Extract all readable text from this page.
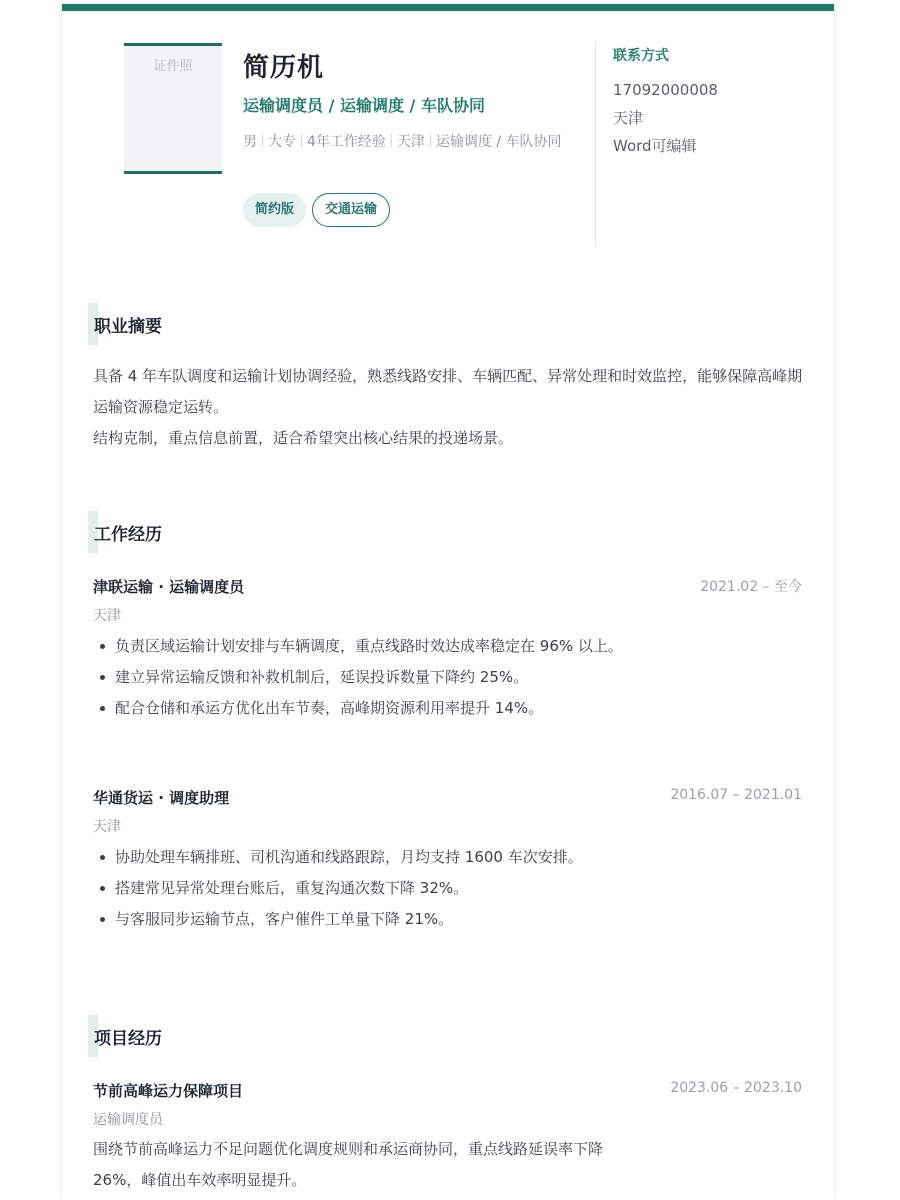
证件照	简历机
运输调度员 / 运输调度 / 车队协同
男 大专 4年工作经验 天津 运输调度 / 车队协同
简约版	交通运输
联系方式
17092000008
天津
Word可编辑
职业摘要
具备 4 年车队调度和运输计划协调经验，熟悉线路安排、车辆匹配、异常处理和时效监控，能够保障高峰期运输资源稳定运转。
结构克制，重点信息前置，适合希望突出核心结果的投递场景。
工作经历
津联运输 · 运输调度员	2021.02 – 至今
天津
负责区域运输计划安排与车辆调度，重点线路时效达成率稳定在 96% 以上。
建立异常运输反馈和补救机制后，延误投诉数量下降约 25%。
配合仓储和承运方优化出车节奏，高峰期资源利用率提升 14%。
华通货运 · 调度助理	2016.07 – 2021.01
天津
协助处理车辆排班、司机沟通和线路跟踪，月均支持 1600 车次安排。
搭建常见异常处理台账后，重复沟通次数下降 32%。
与客服同步运输节点，客户催件工单量下降 21%。
项目经历
节前高峰运力保障项目	2023.06 – 2023.10
运输调度员
围绕节前高峰运力不足问题优化调度规则和承运商协同，重点线路延误率下降 26%，峰值出车效率明显提升。
